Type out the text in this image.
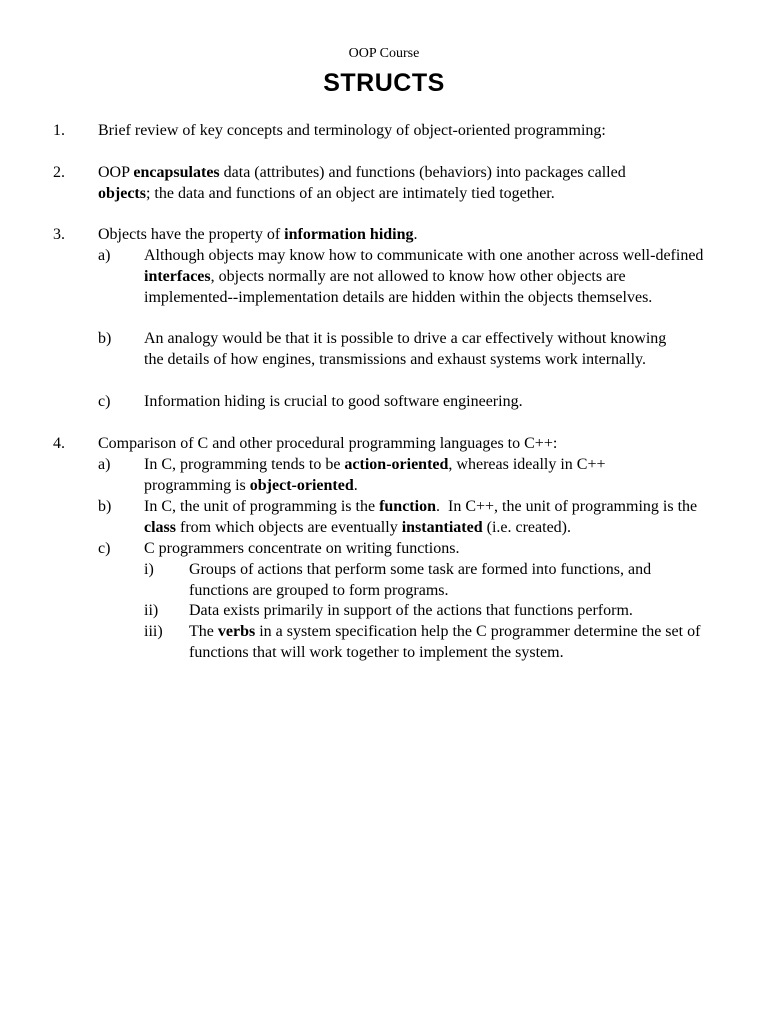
OOP Course
STRUCTS
1. Brief review of key concepts and terminology of object-oriented programming:
2. OOP encapsulates data (attributes) and functions (behaviors) into packages called objects; the data and functions of an object are intimately tied together.
3. Objects have the property of information hiding.
a) Although objects may know how to communicate with one another across well-defined interfaces, objects normally are not allowed to know how other objects are implemented--implementation details are hidden within the objects themselves.
b) An analogy would be that it is possible to drive a car effectively without knowing the details of how engines, transmissions and exhaust systems work internally.
c) Information hiding is crucial to good software engineering.
4. Comparison of C and other procedural programming languages to C++:
a) In C, programming tends to be action-oriented, whereas ideally in C++ programming is object-oriented.
b) In C, the unit of programming is the function.  In C++, the unit of programming is the class from which objects are eventually instantiated (i.e. created).
c) C programmers concentrate on writing functions.
i) Groups of actions that perform some task are formed into functions, and functions are grouped to form programs.
ii) Data exists primarily in support of the actions that functions perform.
iii) The verbs in a system specification help the C programmer determine the set of functions that will work together to implement the system.
